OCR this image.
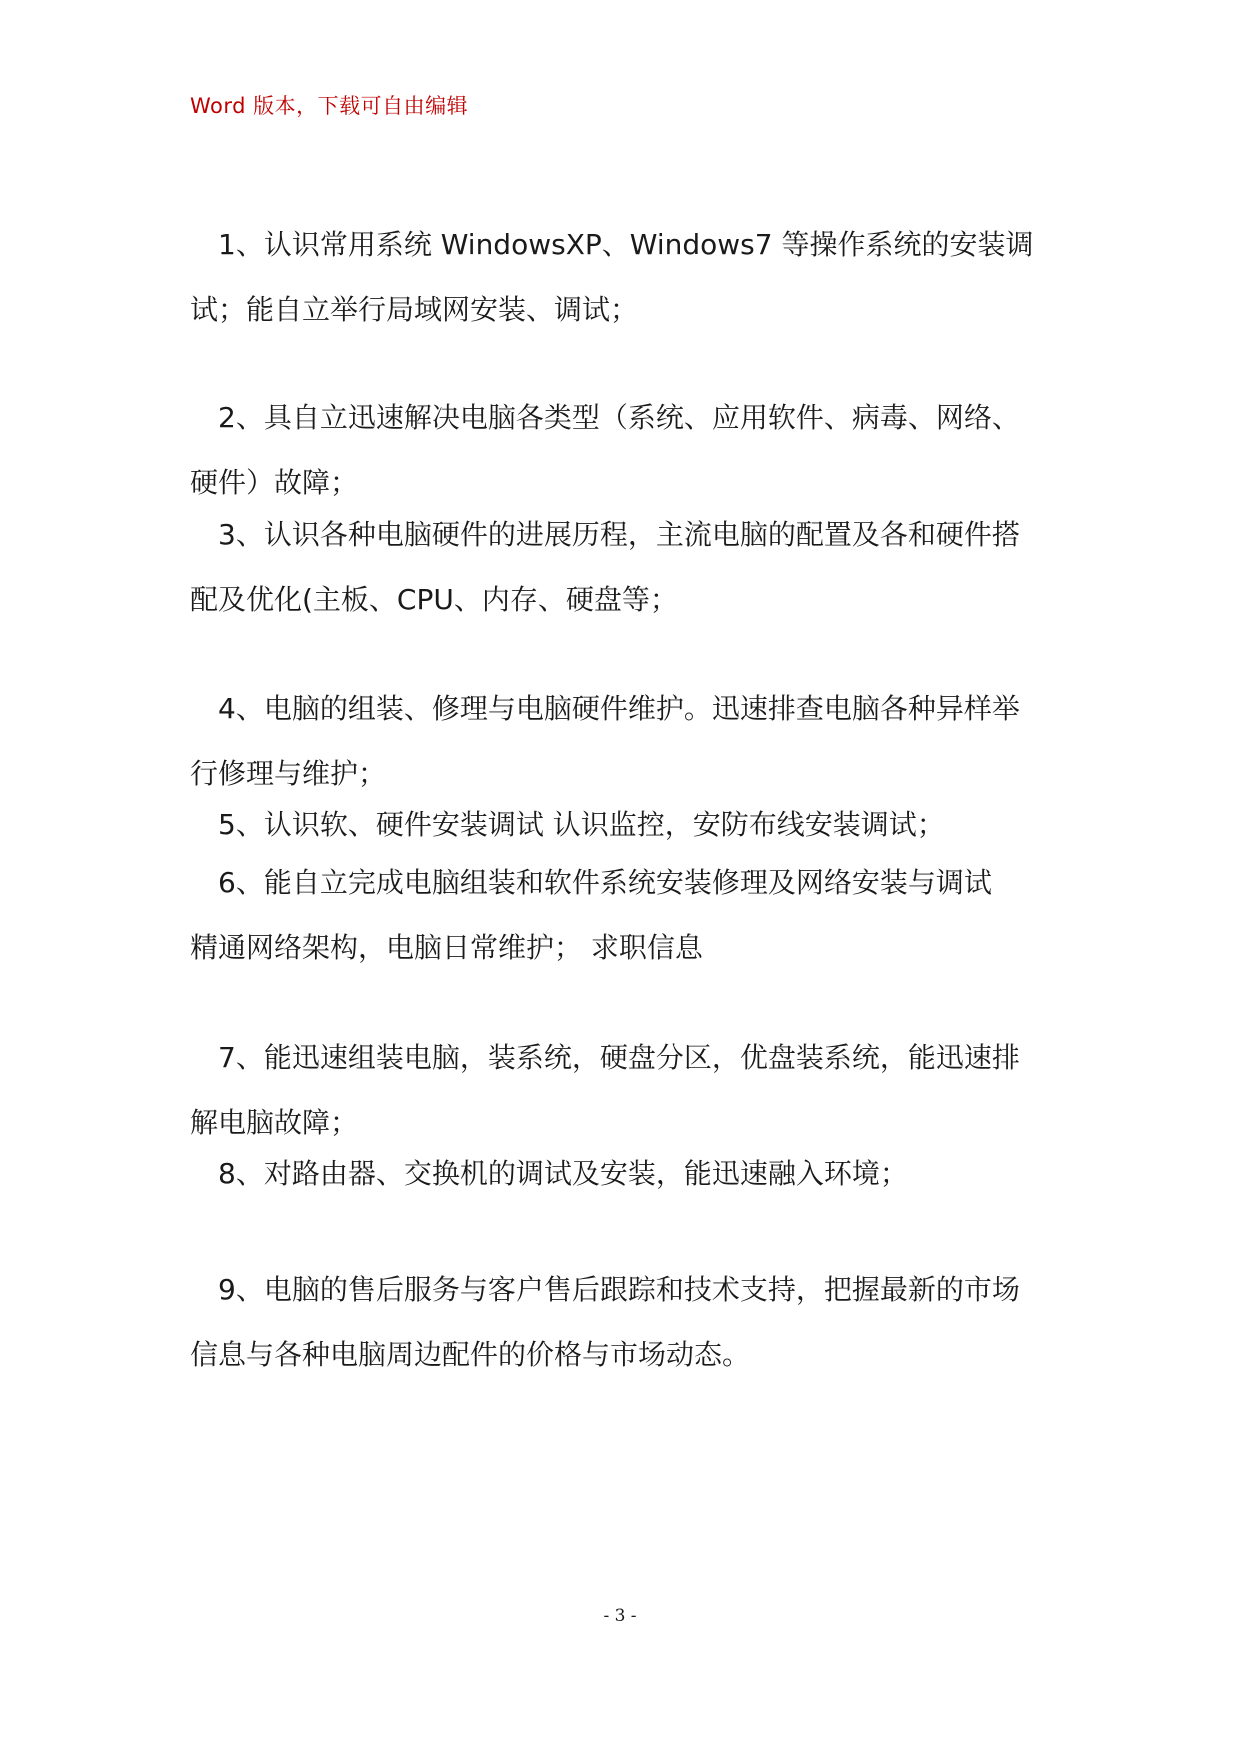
Word 版本，下载可自由编辑
1、认识常用系统 WindowsXP、Windows7 等操作系统的安装调
试；能自立举行局域网安装、调试；
2、具自立迅速解决电脑各类型（系统、应用软件、病毒、网络、
硬件）故障；
3、认识各种电脑硬件的进展历程，主流电脑的配置及各和硬件搭
配及优化(主板、CPU、内存、硬盘等；
4、电脑的组装、修理与电脑硬件维护。迅速排查电脑各种异样举
行修理与维护；
5、认识软、硬件安装调试 认识监控，安防布线安装调试；
6、能自立完成电脑组装和软件系统安装修理及网络安装与调试
精通网络架构，电脑日常维护； 求职信息
7、能迅速组装电脑，装系统，硬盘分区，优盘装系统，能迅速排
解电脑故障；
8、对路由器、交换机的调试及安装，能迅速融入环境；
9、电脑的售后服务与客户售后跟踪和技术支持，把握最新的市场
信息与各种电脑周边配件的价格与市场动态。
- 3 -
